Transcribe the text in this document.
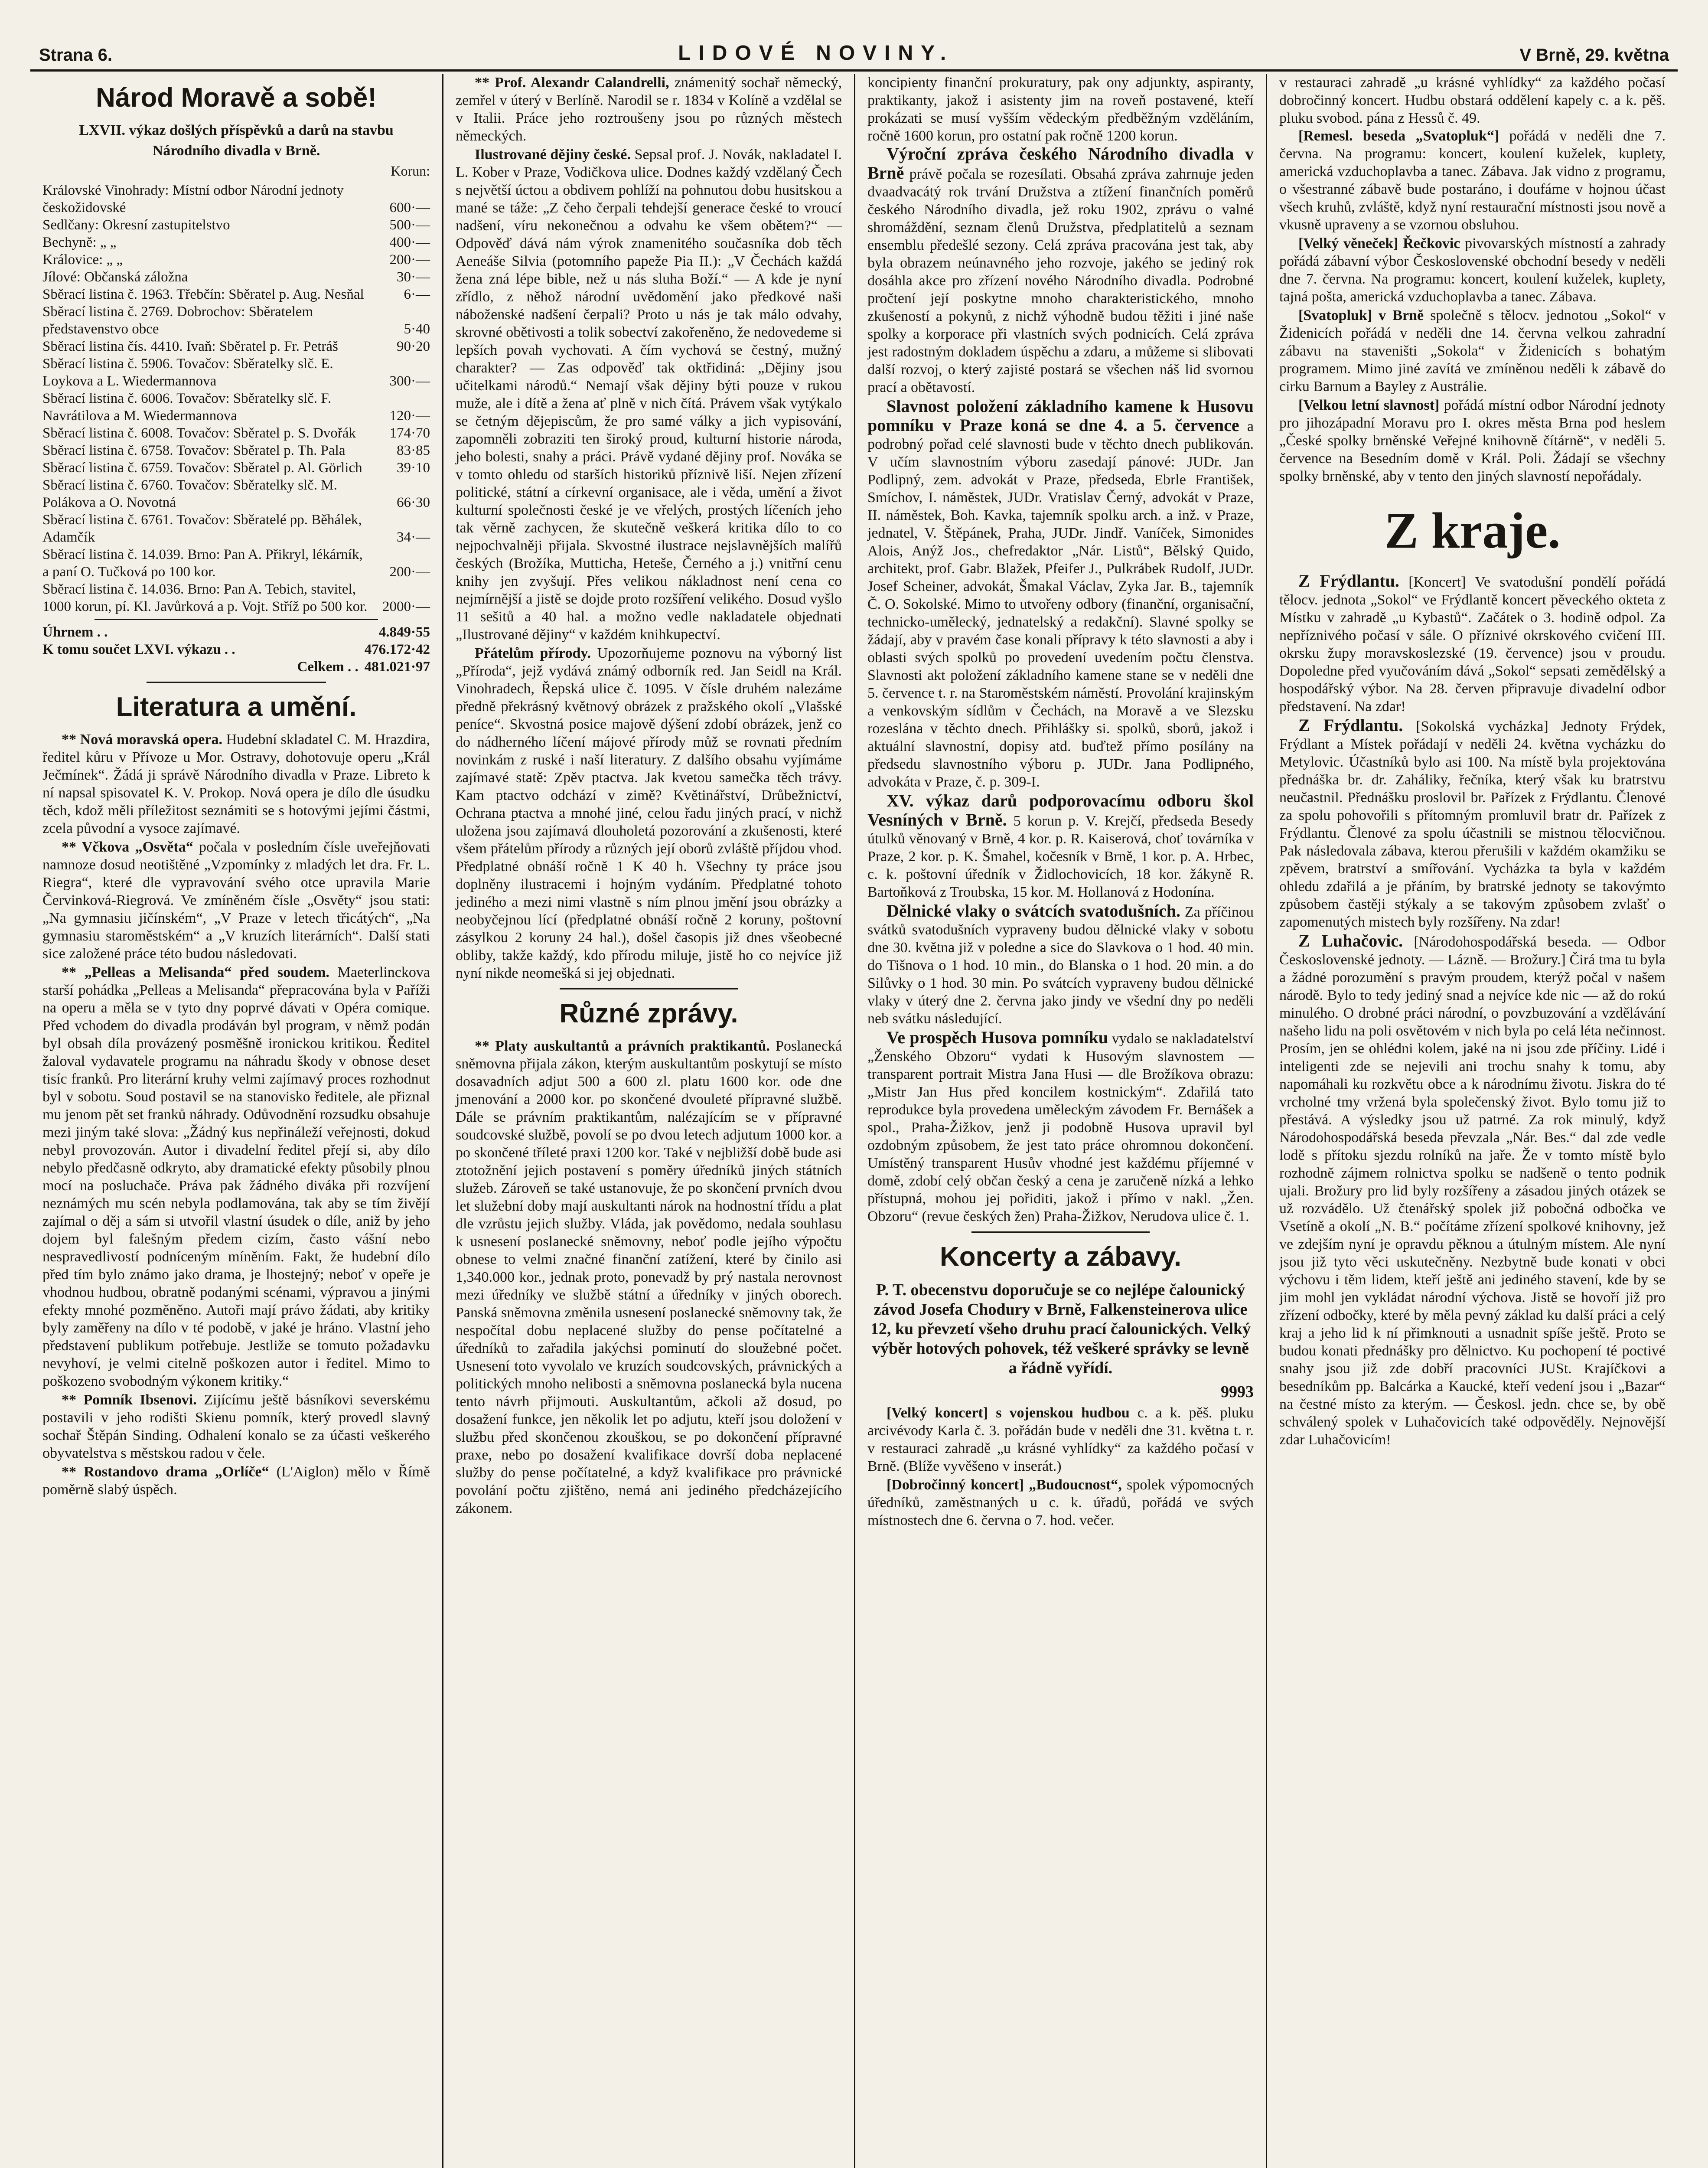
Strana 6.	LIDOVÉ NOVINY.	V Brně, 29. května
Národ Moravě a sobě!
LXVII. výkaz došlých příspěvků a darů na stavbu
Národního divadla v Brně.
Korun:
Královské Vinohrady: Místní odbor Národní jednoty českožidovské	600·—
Sedlčany: Okresní zastupitelstvo	500·—
Bechyně: „ „	400·—
Královice: „ „	200·—
Jílové: Občanská záložna	30·—
Sběrací listina č. 1963. Třebčín: Sběratel p. Aug. Nesňal	6·—
Sběrací listina č. 2769. Dobrochov: Sběratelem představenstvo obce	5·40
Sběrací listina čís. 4410. Ivaň: Sběratel p. Fr. Petráš	90·20
Sběrací listina č. 5906. Tovačov: Sběratelky slč. E. Loykova a L. Wiedermannova	300·—
Sběrací listina č. 6006. Tovačov: Sběratelky slč. F. Navrátilova a M. Wiedermannova	120·—
Sběrací listina č. 6008. Tovačov: Sběratel p. S. Dvořák	174·70
Sběrací listina č. 6758. Tovačov: Sběratel p. Th. Pala	83·85
Sběrací listina č. 6759. Tovačov: Sběratel p. Al. Görlich	39·10
Sběrací listina č. 6760. Tovačov: Sběratelky slč. M. Polákova a O. Novotná	66·30
Sběrací listina č. 6761. Tovačov: Sběratelé pp. Běhálek, Adamčík	34·—
Sběrací listina č. 14.039. Brno: Pan A. Přikryl, lékárník, a paní O. Tučková po 100 kor.	200·—
Sběrací listina č. 14.036. Brno: Pan A. Tebich, stavitel, 1000 korun, pí. Kl. Javůrková a p. Vojt. Stříž po 500 kor.	2000·—
Úhrnem . .	4.849·55
K tomu součet LXVI. výkazu . .	476.172·42
Celkem . . 481.021·97
Literatura a umění.

** Nová moravská opera. Hudební skladatel C. M. Hrazdira, ředitel kůru v Přívoze u Mor. Ostravy, dohotovuje operu „Král Ječmínek“. Žádá ji správě Národního divadla v Praze. Libreto k ní napsal spisovatel K. V. Prokop. Nová opera je dílo dle úsudku těch, kdož měli příležitost seznámiti se s hotovými jejími částmi, zcela původní a vysoce zajímavé.

** Včkova „Osvěta“ počala v posledním čísle uveřejňovati namnoze dosud neotištěné „Vzpomínky z mladých let dra. Fr. L. Riegra“, které dle vypravování svého otce upravila Marie Červinková-Riegrová. Ve zmíněném čísle „Osvěty“ jsou stati: „Na gymnasiu jičínském“, „V Praze v letech třicátých“, „Na gymnasiu staroměstském“ a „V kruzích literárních“. Další stati sice založené práce této budou následovati.

** „Pelleas a Melisanda“ před soudem. Maeterlinckova starší pohádka „Pelleas a Melisanda“ přepracována byla v Paříži na operu a měla se v tyto dny poprvé dávati v Opéra comique. Před vchodem do divadla prodáván byl program, v němž podán byl obsah díla provázený posměšně ironickou kritikou. Ředitel žaloval vydavatele programu na náhradu škody v obnose deset tisíc franků. Pro literární kruhy velmi zajímavý proces rozhodnut byl v sobotu. Soud postavil se na stanovisko ředitele, ale přiznal mu jenom pět set franků náhrady. Odůvodnění rozsudku obsahuje mezi jiným také slova: „Žádný kus nepřináleží veřejnosti, dokud nebyl provozován. Autor i divadelní ředitel přejí si, aby dílo nebylo předčasně odkryto, aby dramatické efekty působily plnou mocí na posluchače. Práva pak žádného diváka při rozvíjení neznámých mu scén nebyla podlamována, tak aby se tím živějí zajímal o děj a sám si utvořil vlastní úsudek o díle, aniž by jeho dojem byl falešným předem cizím, často vášní nebo nespravedlivostí podníceným míněním. Fakt, že hudební dílo před tím bylo známo jako drama, je lhostejný; neboť v opeře je vhodnou hudbou, obratně podanými scénami, výpravou a jinými efekty mnohé pozměněno. Autoři mají právo žádati, aby kritiky byly zaměřeny na dílo v té podobě, v jaké je hráno. Vlastní jeho představení publikum potřebuje. Jestliže se tomuto požadavku nevyhoví, je velmi citelně poškozen autor i ředitel. Mimo to poškozeno svobodným výkonem kritiky.“

** Pomník Ibsenovi. Zijícímu ještě básníkovi severskému postavili v jeho rodišti Skienu pomník, který provedl slavný sochař Štěpán Sinding. Odhalení konalo se za účasti veškerého obyvatelstva s městskou radou v čele.

** Rostandovo drama „Orlíče“ (L'Aiglon) mělo v Římě poměrně slabý úspěch.

** Prof. Alexandr Calandrelli, známenitý sochař německý, zemřel v úterý v Berlíně. Narodil se r. 1834 v Kolíně a vzdělal se v Italii. Práce jeho roztroušeny jsou po různých městech německých.

Ilustrované dějiny české. Sepsal prof. J. Novák, nakladatel I. L. Kober v Praze, Vodičkova ulice. Dodnes každý vzdělaný Čech s největší úctou a obdivem pohlíží na pohnutou dobu husitskou a mané se táže: „Z čeho čerpali tehdejší generace české to vroucí nadšení, víru nekonečnou a odvahu ke všem obětem?“ — Odpověď dává nám výrok znamenitého současníka dob těch Aeneáše Silvia (potomního papeže Pia II.): „V Čechách každá žena zná lépe bible, než u nás sluha Boží.“ — A kde je nyní zřídlo, z něhož národní uvědomění jako předkové naši náboženské nadšení čerpali? Proto u nás je tak málo odvahy, skrovné obětivosti a tolik sobectví zakořeněno, že nedovedeme si lepších povah vychovati. A čím vychová se čestný, mužný charakter? — Zas odpověď tak oktřidiná: „Dějiny jsou učitelkami národů.“ Nemají však dějiny býti pouze v rukou muže, ale i dítě a žena ať plně v nich čítá. Právem však vytýkalo se četným dějepiscům, že pro samé války a jich vypisování, zapomněli zobraziti ten široký proud, kulturní historie národa, jeho bolesti, snahy a práci. Právě vydané dějiny prof. Nováka se v tomto ohledu od starších historiků příznivě liší. Nejen zřízení politické, státní a církevní organisace, ale i věda, umění a život kulturní společnosti české je ve vřelých, prostých líčeních jeho tak věrně zachycen, že skutečně veškerá kritika dílo to co nejpochvalněji přijala. Skvostné ilustrace nejslavnějších malířů českých (Brožíka, Mutticha, Heteše, Černého a j.) vnitřní cenu knihy jen zvyšují. Přes velikou nákladnost není cena co nejmírnější a jistě se dojde proto rozšíření velikého. Dosud vyšlo 11 sešitů a 40 hal. a možno vedle nakladatele objednati „Ilustrované dějiny“ v každém knihkupectví.

Přátelům přírody. Upozorňujeme poznovu na výborný list „Příroda“, jejž vydává známý odborník red. Jan Seidl na Král. Vinohradech, Řepská ulice č. 1095. V čísle druhém nalezáme předně překrásný květnový obrázek z pražského okolí „Vlašské peníce“. Skvostná posice majově dýšení zdobí obrázek, jenž co do nádherného líčení májové přírody můž se rovnati předním novinkám z ruské i naší literatury. Z dalšího obsahu vyjímáme zajímavé statě: Zpěv ptactva. Jak kvetou samečka těch trávy. Kam ptactvo odchází v zimě? Květinářství, Drůbežnictví, Ochrana ptactva a mnohé jiné, celou řadu jiných prací, v nichž uložena jsou zajímavá dlouholetá pozorování a zkušenosti, které všem přátelům přírody a různých její oborů zvláště příjdou vhod. Předplatné obnáší ročně 1 K 40 h. Všechny ty práce jsou doplněny ilustracemi i hojným vydáním. Předplatné tohoto jediného a mezi nimi vlastně s ním plnou jmění jsou obrázky a neobyčejnou lící (předplatné obnáší ročně 2 koruny, poštovní zásylkou 2 koruny 24 hal.), došel časopis již dnes všeobecné obliby, takže každý, kdo přírodu miluje, jistě ho co nejvíce již nyní nikde neomešká si jej objednati.

Různé zprávy.

** Platy auskultantů a právních praktikantů. Poslanecká sněmovna přijala zákon, kterým auskultantům poskytují se místo dosavadních adjut 500 a 600 zl. platu 1600 kor. ode dne jmenování a 2000 kor. po skončené dvouleté přípravné službě. Dále se právním praktikantům, nalézajícím se v přípravné soudcovské službě, povolí se po dvou letech adjutum 1000 kor. a po skončené tříleté praxi 1200 kor. Také v nejbližší době bude asi ztotožnění jejich postavení s poměry úředníků jiných státních služeb. Zároveň se také ustanovuje, že po skončení prvních dvou let služební doby mají auskultanti nárok na hodnostní třídu a plat dle vzrůstu jejich služby. Vláda, jak povědomo, nedala souhlasu k usnesení poslanecké sněmovny, neboť podle jejího výpočtu obnese to velmi značné finanční zatížení, které by činilo asi 1,340.000 kor., jednak proto, ponevadž by prý nastala nerovnost mezi úředníky ve službě státní a úředníky v jiných oborech. Panská sněmovna změnila usnesení poslanecké sněmovny tak, že nespočítal dobu neplacené služby do pense počítatelné a úředníků to zařadila jakýchsi pominutí do sloužebné počet. Usnesení toto vyvolalo ve kruzích soudcovských, právnických a politických mnoho nelibosti a sněmovna poslanecká byla nucena tento návrh přijmouti. Auskultantům, ačkoli až dosud, po dosažení funkce, jen několik let po adjutu, kteří jsou doložení v službu před skončenou zkouškou, se po dokončení přípravné praxe, nebo po dosažení kvalifikace dovrší doba neplacené služby do pense počítatelné, a když kvalifikace pro právnické povolání počtu zjištěno, nemá ani jediného předcházejícího zákonem.

koncipienty finanční prokuratury, pak ony adjunkty, aspiranty, praktikanty, jakož i asistenty jim na roveň postavené, kteří prokázati se musí vyšším vědeckým předběžným vzděláním, ročně 1600 korun, pro ostatní pak ročně 1200 korun.

Výroční zpráva českého Národního divadla v Brně právě počala se rozesílati. Obsahá zpráva zahrnuje jeden dvaadvacátý rok trvání Družstva a ztížení finančních poměrů českého Národního divadla, jež roku 1902, zprávu o valné shromáždění, seznam členů Družstva, předplatitelů a seznam ensemblu předešlé sezony. Celá zpráva pracována jest tak, aby byla obrazem neúnavného jeho rozvoje, jakého se jediný rok dosáhla akce pro zřízení nového Národního divadla. Podrobné pročtení její poskytne mnoho charakteristického, mnoho zkušeností a pokynů, z nichž výhodně budou těžiti i jiné naše spolky a korporace při vlastních svých podnicích. Celá zpráva jest radostným dokladem úspěchu a zdaru, a můžeme si slibovati další rozvoj, o který zajisté postará se všechen náš lid svornou prací a obětavostí.

Slavnost položení základního kamene k Husovu pomníku v Praze koná se dne 4. a 5. července a podrobný pořad celé slavnosti bude v těchto dnech publikován. V učím slavnostním výboru zasedají pánové: JUDr. Jan Podlipný, zem. advokát v Praze, předseda, Ebrle František, Smíchov, I. náměstek, JUDr. Vratislav Černý, advokát v Praze, II. náměstek, Boh. Kavka, tajemník spolku arch. a inž. v Praze, jednatel, V. Štěpánek, Praha, JUDr. Jindř. Vaníček, Simonides Alois, Anýž Jos., chefredaktor „Nár. Listů“, Bělský Quido, architekt, prof. Gabr. Blažek, Pfeifer J., Pulkrábek Rudolf, JUDr. Josef Scheiner, advokát, Šmakal Václav, Zyka Jar. B., tajemník Č. O. Sokolské. Mimo to utvořeny odbory (finanční, organisační, technicko-umělecký, jednatelský a redakční). Slavné spolky se žádají, aby v pravém čase konali přípravy k této slavnosti a aby i oblasti svých spolků po provedení uvedením počtu členstva. Slavnosti akt položení základního kamene stane se v neděli dne 5. července t. r. na Staroměstském náměstí. Provolání krajinským a venkovským sídlům v Čechách, na Moravě a ve Slezsku rozeslána v těchto dnech. Přihlášky si. spolků, sborů, jakož i aktuální slavnostní, dopisy atd. buďtež přímo posílány na předsedu slavnostního výboru p. JUDr. Jana Podlipného, advokáta v Praze, č. p. 309-I.

XV. výkaz darů podporovacímu odboru škol Vesníných v Brně. 5 korun p. V. Krejčí, předseda Besedy útulků věnovaný v Brně, 4 kor. p. R. Kaiserová, choť továrníka v Praze, 2 kor. p. K. Šmahel, kočesník v Brně, 1 kor. p. A. Hrbec, c. k. poštovní úředník v Židlochovicích, 18 kor. žákyně R. Bartoňková z Troubska, 15 kor. M. Hollanová z Hodonína.

Dělnické vlaky o svátcích svatodušních. Za příčinou svátků svatodušních vypraveny budou dělnické vlaky v sobotu dne 30. května již v poledne a sice do Slavkova o 1 hod. 40 min. do Tišnova o 1 hod. 10 min., do Blanska o 1 hod. 20 min. a do Silůvky o 1 hod. 30 min. Po svátcích vypraveny budou dělnické vlaky v úterý dne 2. června jako jindy ve všední dny po neděli neb svátku následující.

Ve prospěch Husova pomníku vydalo se nakladatelství „Ženského Obzoru“ vydati k Husovým slavnostem — transparent portrait Mistra Jana Husi — dle Brožíkova obrazu: „Mistr Jan Hus před koncilem kostnickým“. Zdařilá tato reprodukce byla provedena uměleckým závodem Fr. Bernášek a spol., Praha-Žižkov, jenž ji podobně Husova upravil byl ozdobným způsobem, že jest tato práce ohromnou dokončení. Umístěný transparent Husův vhodné jest každému příjemné v domě, zdobí celý občan český a cena je zaručeně nízká a lehko přístupná, mohou jej pořiditi, jakož i přímo v nakl. „Žen. Obzoru“ (revue českých žen) Praha-Žižkov, Nerudova ulice č. 1.

Koncerty a zábavy.
P. T. obecenstvu doporučuje se co nejlépe čalounický závod Josefa Chodury v Brně, Falkensteinerova ulice 12, ku převzetí všeho druhu prací čalounických. Velký výběr hotových pohovek, též veškeré správky se levně a řádně vyřídí.
9993

[Velký koncert] s vojenskou hudbou c. a k. pěš. pluku arcivévody Karla č. 3. pořádán bude v neděli dne 31. května t. r. v restauraci zahradě „u krásné vyhlídky“ za každého počasí v Brně. (Blíže vyvěšeno v inserát.)

[Dobročinný koncert] „Budoucnost“, spolek výpomocných úředníků, zaměstnaných u c. k. úřadů, pořádá ve svých místnostech dne 6. června o 7. hod. večer.

v restauraci zahradě „u krásné vyhlídky“ za každého počasí dobročinný koncert. Hudbu obstará oddělení kapely c. a k. pěš. pluku svobod. pána z Hessů č. 49.

[Remesl. beseda „Svatopluk“] pořádá v neděli dne 7. června. Na programu: koncert, koulení kuželek, kuplety, americká vzduchoplavba a tanec. Zábava. Jak vidno z programu, o všestranné zábavě bude postaráno, i doufáme v hojnou účast všech kruhů, zvláště, když nyní restaurační místnosti jsou nově a vkusně upraveny a se vzornou obsluhou.

[Velký věneček] Řečkovic pivovarských místností a zahrady pořádá zábavní výbor Československé obchodní besedy v neděli dne 7. června. Na programu: koncert, koulení kuželek, kuplety, tajná pošta, americká vzduchoplavba a tanec. Zábava.

[Svatopluk] v Brně společně s tělocv. jednotou „Sokol“ v Židenicích pořádá v neděli dne 14. června velkou zahradní zábavu na staveništi „Sokola“ v Židenicích s bohatým programem. Mimo jiné zavítá ve zmíněnou neděli k zábavě do cirku Barnum a Bayley z Austrálie.

[Velkou letní slavnost] pořádá místní odbor Národní jednoty pro jihozápadní Moravu pro I. okres města Brna pod heslem „České spolky brněnské Veřejné knihovně čítárně“, v neděli 5. července na Besedním domě v Král. Poli. Žádají se všechny spolky brněnské, aby v tento den jiných slavností nepořádaly.

Z kraje.

Z Frýdlantu. [Koncert] Ve svatodušní pondělí pořádá tělocv. jednota „Sokol“ ve Frýdlantě koncert pěveckého okteta z Místku v zahradě „u Kybastů“. Začátek o 3. hodině odpol. Za nepříznivého počasí v sále. O příznivé okrskového cvičení III. okrsku župy moravskoslezské (19. července) jsou v proudu. Dopoledne před vyučováním dává „Sokol“ sepsati zemědělský a hospodářský výbor. Na 28. červen připravuje divadelní odbor představení. Na zdar!

Z Frýdlantu. [Sokolská vycházka] Jednoty Frýdek, Frýdlant a Místek pořádají v neděli 24. května vycházku do Metylovic. Účastníků bylo asi 100. Na místě byla projektována přednáška br. dr. Zaháliky, řečníka, který však ku bratrstvu neučastnil. Přednášku proslovil br. Pařízek z Frýdlantu. Členové za spolu pohovořili s přítomným promluvil bratr dr. Pařízek z Frýdlantu. Členové za spolu účastnili se mistnou tělocvičnou. Pak následovala zábava, kterou přerušili v každém okamžiku se zpěvem, bratrství a smířování. Vycházka ta byla v každém ohledu zdařilá a je přáním, by bratrské jednoty se takovýmto způsobem častěji stýkaly a se takovým způsobem zvlašť o zapomenutých mistech byly rozšířeny. Na zdar!

Z Luhačovic. [Národohospodářská beseda. — Odbor Československé jednoty. — Lázně. — Brožury.] Čirá tma tu byla a žádné porozumění s pravým proudem, kterýž počal v našem národě. Bylo to tedy jediný snad a nejvíce kde nic — až do rokú minulého. O drobné práci národní, o povzbuzování a vzdělávání našeho lidu na poli osvětovém v nich byla po celá léta nečinnost. Prosím, jen se ohlédni kolem, jaké na ni jsou zde příčiny. Lidé i inteligenti zde se nejevili ani trochu snahy k tomu, aby napomáhali ku rozkvětu obce a k národnímu životu. Jiskra do té vrcholné tmy vržená byla společenský život. Bylo tomu již to přestává. A výsledky jsou už patrné. Za rok minulý, když Národohospodářská beseda převzala „Nár. Bes.“ dal zde vedle lodě s přítoku sjezdu rolníků na jaře. Že v tomto místě bylo rozhodně zájmem rolnictva spolku se nadšeně o tento podnik ujali. Brožury pro lid byly rozšířeny a zásadou jiných otázek se už rozvádělo. Už čtenářský spolek již pobočná odbočka ve Vsetíně a okolí „N. B.“ počítáme zřízení spolkové knihovny, jež ve zdejším nyní je opravdu pěknou a útulným místem. Ale nyní jsou již tyto věci uskutečněny. Nezbytně bude konati v obci výchovu i těm lidem, kteří ještě ani jediného stavení, kde by se jim mohl jen vykládat národní výchova. Jistě se hovoří již pro zřízení odbočky, které by měla pevný základ ku další práci a celý kraj a jeho lid k ní přimknouti a usnadnit spíše ještě. Proto se budou konati přednášky pro dělnictvo. Ku pochopení té poctivé snahy jsou již zde dobří pracovníci JUSt. Krajíčkovi a besedníkům pp. Balcárka a Kaucké, kteří vedení jsou i „Bazar“ na čestné místo za kterým. — Českosl. jedn. chce se, by obě schválený spolek v Luhačovicích také odpověděly. Nejnovější zdar Luhačovicím!
